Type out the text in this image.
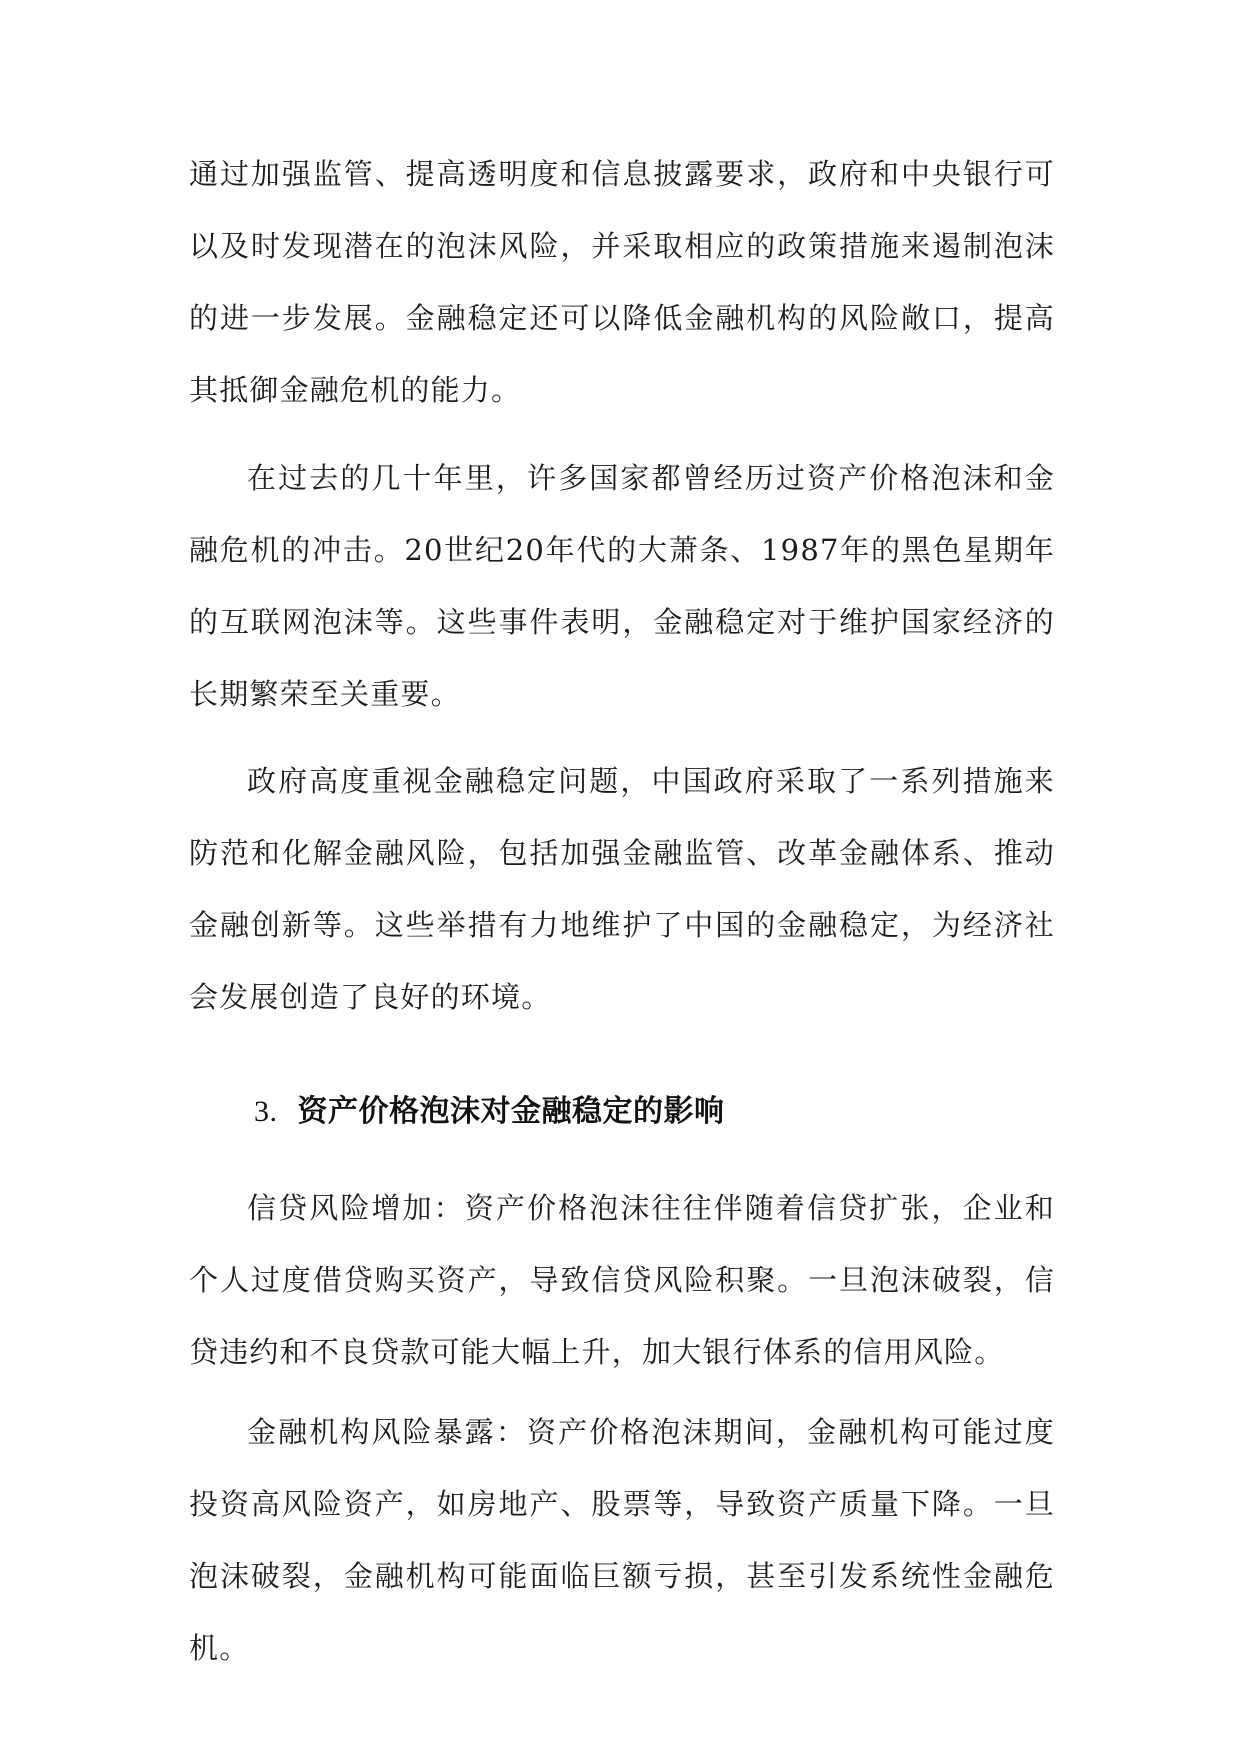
通过加强监管、提高透明度和信息披露要求，政府和中央银行可以及时发现潜在的泡沫风险，并采取相应的政策措施来遏制泡沫的进一步发展。金融稳定还可以降低金融机构的风险敞口，提高其抵御金融危机的能力。

在过去的几十年里，许多国家都曾经历过资产价格泡沫和金融危机的冲击。20世纪20年代的大萧条、1987年的黑色星期年的互联网泡沫等。这些事件表明，金融稳定对于维护国家经济的长期繁荣至关重要。

政府高度重视金融稳定问题，中国政府采取了一系列措施来防范和化解金融风险，包括加强金融监管、改革金融体系、推动金融创新等。这些举措有力地维护了中国的金融稳定，为经济社会发展创造了良好的环境。

3. 资产价格泡沫对金融稳定的影响

信贷风险增加：资产价格泡沫往往伴随着信贷扩张，企业和个人过度借贷购买资产，导致信贷风险积聚。一旦泡沫破裂，信贷违约和不良贷款可能大幅上升，加大银行体系的信用风险。

金融机构风险暴露：资产价格泡沫期间，金融机构可能过度投资高风险资产，如房地产、股票等，导致资产质量下降。一旦泡沫破裂，金融机构可能面临巨额亏损，甚至引发系统性金融危机。
